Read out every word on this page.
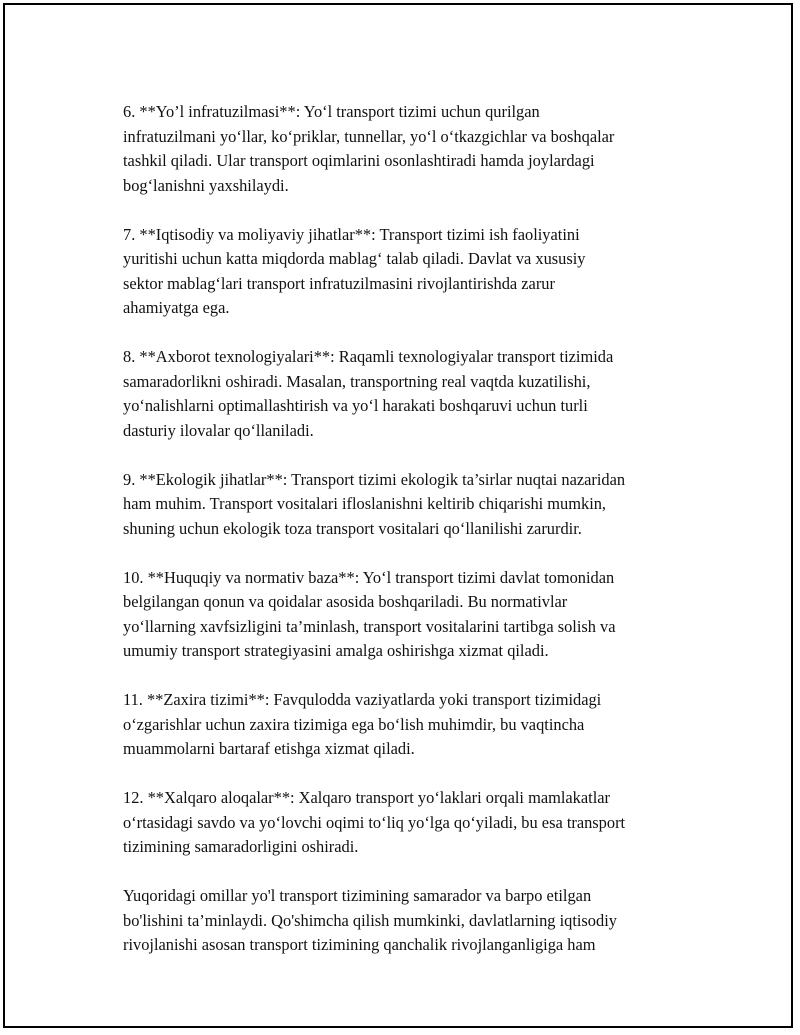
6. **Yo’l infratuzilmasi**: Yo‘l transport tizimi uchun qurilgan
infratuzilmani yo‘llar, ko‘priklar, tunnellar, yo‘l o‘tkazgichlar va boshqalar
tashkil qiladi. Ular transport oqimlarini osonlashtiradi hamda joylardagi
bog‘lanishni yaxshilaydi.

7. **Iqtisodiy va moliyaviy jihatlar**: Transport tizimi ish faoliyatini
yuritishi uchun katta miqdorda mablag‘ talab qiladi. Davlat va xususiy
sektor mablag‘lari transport infratuzilmasini rivojlantirishda zarur
ahamiyatga ega.

8. **Axborot texnologiyalari**: Raqamli texnologiyalar transport tizimida
samaradorlikni oshiradi. Masalan, transportning real vaqtda kuzatilishi,
yo‘nalishlarni optimallashtirish va yo‘l harakati boshqaruvi uchun turli
dasturiy ilovalar qo‘llaniladi.

9. **Ekologik jihatlar**: Transport tizimi ekologik ta’sirlar nuqtai nazaridan
ham muhim. Transport vositalari ifloslanishni keltirib chiqarishi mumkin,
shuning uchun ekologik toza transport vositalari qo‘llanilishi zarurdir.

10. **Huquqiy va normativ baza**: Yo‘l transport tizimi davlat tomonidan
belgilangan qonun va qoidalar asosida boshqariladi. Bu normativlar
yo‘llarning xavfsizligini ta’minlash, transport vositalarini tartibga solish va
umumiy transport strategiyasini amalga oshirishga xizmat qiladi.

11. **Zaxira tizimi**: Favqulodda vaziyatlarda yoki transport tizimidagi
o‘zgarishlar uchun zaxira tizimiga ega bo‘lish muhimdir, bu vaqtincha
muammolarni bartaraf etishga xizmat qiladi.

12. **Xalqaro aloqalar**: Xalqaro transport yo‘laklari orqali mamlakatlar
o‘rtasidagi savdo va yo‘lovchi oqimi to‘liq yo‘lga qo‘yiladi, bu esa transport
tizimining samaradorligini oshiradi.

Yuqoridagi omillar yo'l transport tizimining samarador va barpo etilgan
bo'lishini ta’minlaydi. Qo'shimcha qilish mumkinki, davlatlarning iqtisodiy
rivojlanishi asosan transport tizimining qanchalik rivojlanganligiga ham
